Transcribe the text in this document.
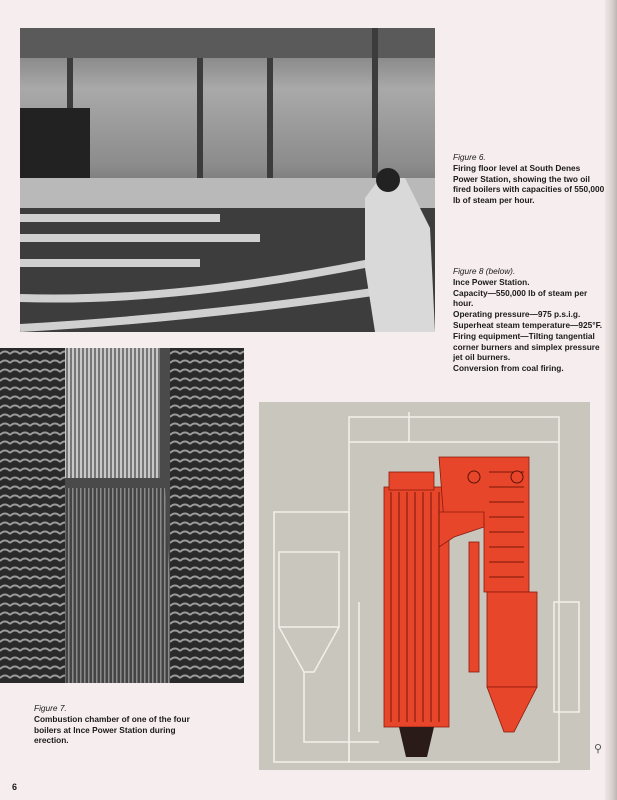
Figure 6.
Firing floor level at South Denes Power Station, showing the two oil fired boilers with capacities of 550,000 lb of steam per hour.
Figure 8 (below).
Ince Power Station.
Capacity—550,000 lb of steam per hour.
Operating pressure—975 p.s.i.g.
Superheat steam temperature—925°F.
Firing equipment—Tilting tangential corner burners and simplex pressure jet oil burners.
Conversion from coal firing.
Figure 7.
Combustion chamber of one of the four boilers at Ince Power Station during erection.
6
⚲
